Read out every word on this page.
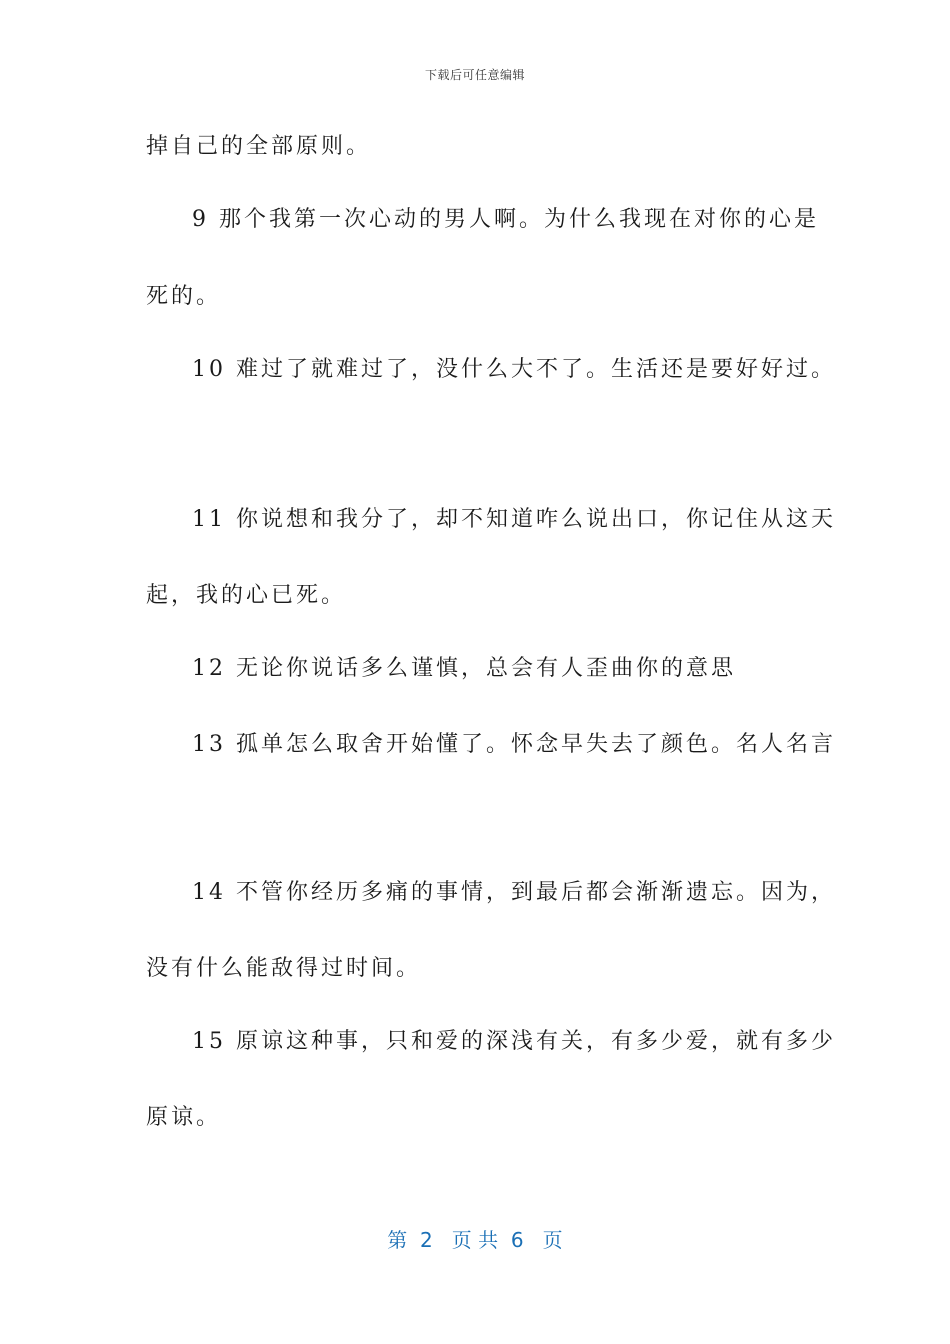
下载后可任意编辑
掉自己的全部原则。
9 那个我第一次心动的男人啊。为什么我现在对你的心是
死的。
10 难过了就难过了，没什么大不了。生活还是要好好过。
11 你说想和我分了，却不知道咋么说出口，你记住从这天
起，我的心已死。
12 无论你说话多么谨慎，总会有人歪曲你的意思
13 孤单怎么取舍开始懂了。怀念早失去了颜色。名人名言
14 不管你经历多痛的事情，到最后都会渐渐遗忘。因为，
没有什么能敌得过时间。
15 原谅这种事，只和爱的深浅有关，有多少爱，就有多少
原谅。
第  2   页 共  6   页
